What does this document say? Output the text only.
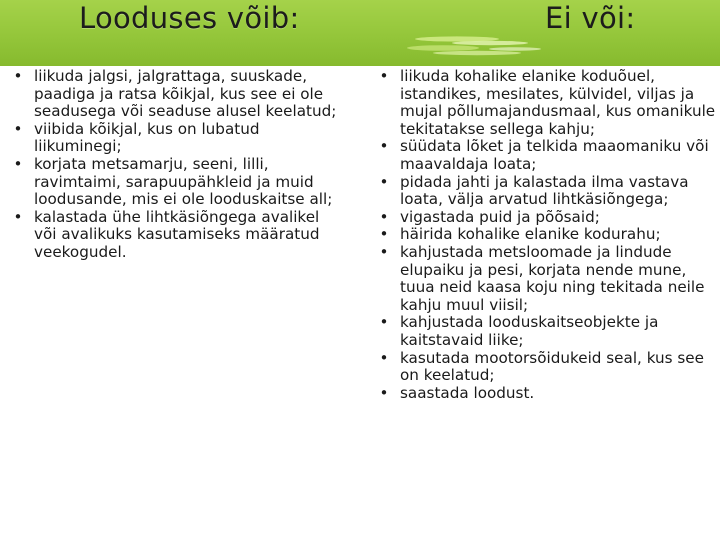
Looduses võib:	Ei või:
• liikuda jalgsi, jalgrattaga, suuskade, paadiga ja ratsa kõikjal, kus see ei ole seadusega või seaduse alusel keelatud;
• viibida kõikjal, kus on lubatud liikuminegi;
• korjata metsamarju, seeni, lilli, ravimtaimi, sarapuupähkleid ja muid loodusande, mis ei ole looduskaitse all;
• kalastada ühe lihtkäsiõngega avalikel või avalikuks kasutamiseks määratud veekogudel.
• liikuda kohalike elanike koduõuel, istandikes, mesilates, külvidel, viljas ja mujal põllumajandusmaal, kus omanikule tekitatakse sellega kahju;
• süüdata lõket ja telkida maaomaniku või maavaldaja loata;
• pidada jahti ja kalastada ilma vastava loata, välja arvatud lihtkäsiõngega;
• vigastada puid ja põõsaid;
• häirida kohalike elanike kodurahu;
• kahjustada metsloomade ja lindude elupaiku ja pesi, korjata nende mune, tuua neid kaasa koju ning tekitada neile kahju muul viisil;
• kahjustada looduskaitseobjekte ja kaitstavaid liike;
• kasutada mootorsõidukeid seal, kus see on keelatud;
• saastada loodust.
